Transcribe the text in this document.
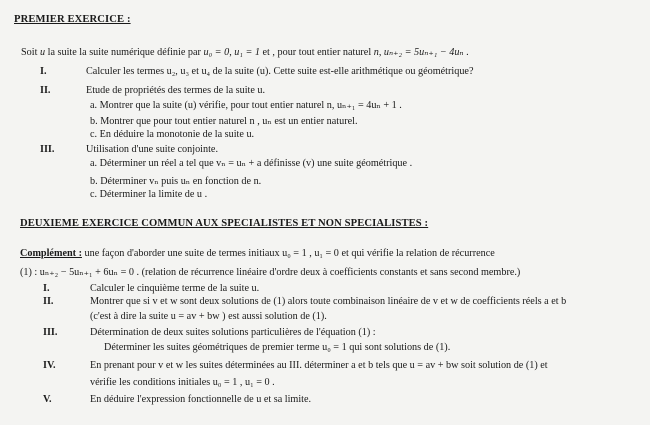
PREMIER EXERCICE :
Soit u la suite la suite numérique définie par u₀ = 0, u₁ = 1 et , pour tout entier naturel n, uₙ₊₂ = 5uₙ₊₁ − 4uₙ .
I.	Calculer les termes u₂, u₃ et u₄ de la suite (u). Cette suite est-elle arithmétique ou géométrique?
II.	Etude de propriétés des termes de la suite u.
a. Montrer que la suite (u) vérifie, pour tout entier naturel n, uₙ₊₁ = 4uₙ + 1 .
b. Montrer que pour tout entier naturel n , uₙ est un entier naturel.
c. En déduire la monotonie de la suite u.
III.	Utilisation d'une suite conjointe.
a. Déterminer un réel a tel que vₙ = uₙ + a définisse (v) une suite géométrique .
b. Déterminer vₙ puis uₙ en fonction de n.
c. Déterminer la limite de u .
DEUXIEME EXERCICE COMMUN AUX SPECIALISTES ET NON SPECIALISTES :
Complément : une façon d'aborder une suite de termes initiaux u₀ = 1 , u₁ = 0 et qui vérifie la relation de récurrence
(1) : uₙ₊₂ − 5uₙ₊₁ + 6uₙ = 0 . (relation de récurrence linéaire d'ordre deux à coefficients constants et sans second membre.)
I.	Calculer le cinquième terme de la suite u.
II.	Montrer que si v et w sont deux solutions de (1) alors toute combinaison linéaire de v et w de coefficients réels a et b
(c'est à dire la suite u = av + bw ) est aussi solution de (1).
III.	Détermination de deux suites solutions particulières de l'équation (1) :
Déterminer les suites géométriques de premier terme u₀ = 1 qui sont solutions de (1).
IV.	En prenant pour v et w les suites déterminées au III. déterminer a et b tels que u = av + bw soit solution de (1) et
vérifie les conditions initiales u₀ = 1 , u₁ = 0 .
V.	En déduire l'expression fonctionnelle de u et sa limite.
